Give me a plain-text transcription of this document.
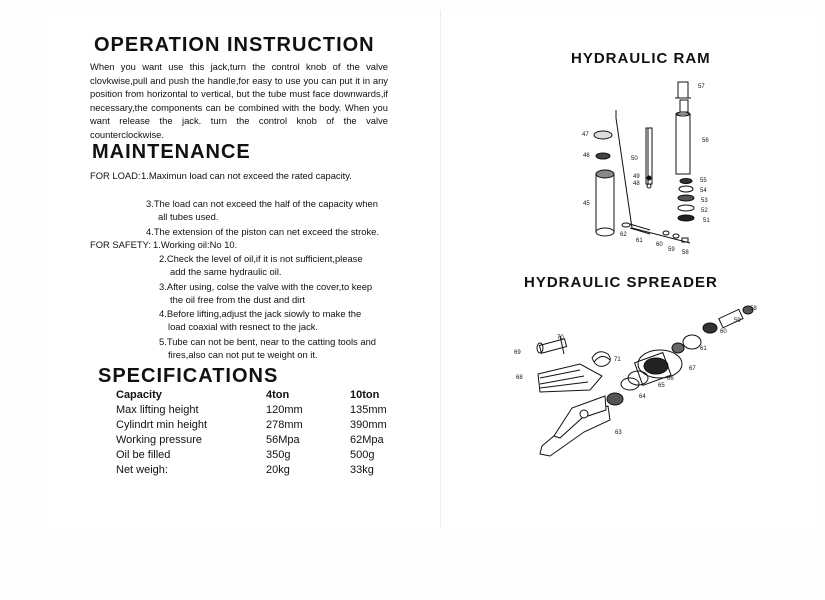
OPERATION INSTRUCTION
When you want use this jack,turn the control knob of the valve clovkwise,pull and push the handle,for easy to use you can put it in any position from horizontal to vertical, but the tube must face downwards,if necessary,the components can be combined with the body. When you want release the jack. turn the control knob of the valve counterclockwise.
MAINTENANCE
FOR LOAD: 1.Maximun load can not exceed the rated capacity.
3.The load can not exceed the half of the capacity when
all tubes used.
4.The extension of the piston can net exceed the stroke.
FOR SAFETY: 1.Working oil:No 10.
2.Check the level of oil,if it is not sufficient,please
add the same hydraulic oil.
3.After using, colse the valve with the cover,to keep
the oil free from the dust and dirt
4.Before lifting,adjust the jack siowly to make the
load coaxial with resnect to the jack.
5.Tube can not be bent, near to the catting tools and
fires,also can not put te weight on it.
SPECIFICATIONS
Capacity	4ton	10ton
Max lifting height	120mm	135mm
Cylindrt min height	278mm	390mm
Working pressure	56Mpa	62Mpa
Oil be filled	350g	500g
Net weigh:	20kg	33kg
HYDRAULIC RAM
57
56
47
46	50
49
48
45
55
54
53
52
51
62
61
60
59 58
HYDRAULIC SPREADER
58
59
60
61
70
69
71
67
68	66
65
64
63
